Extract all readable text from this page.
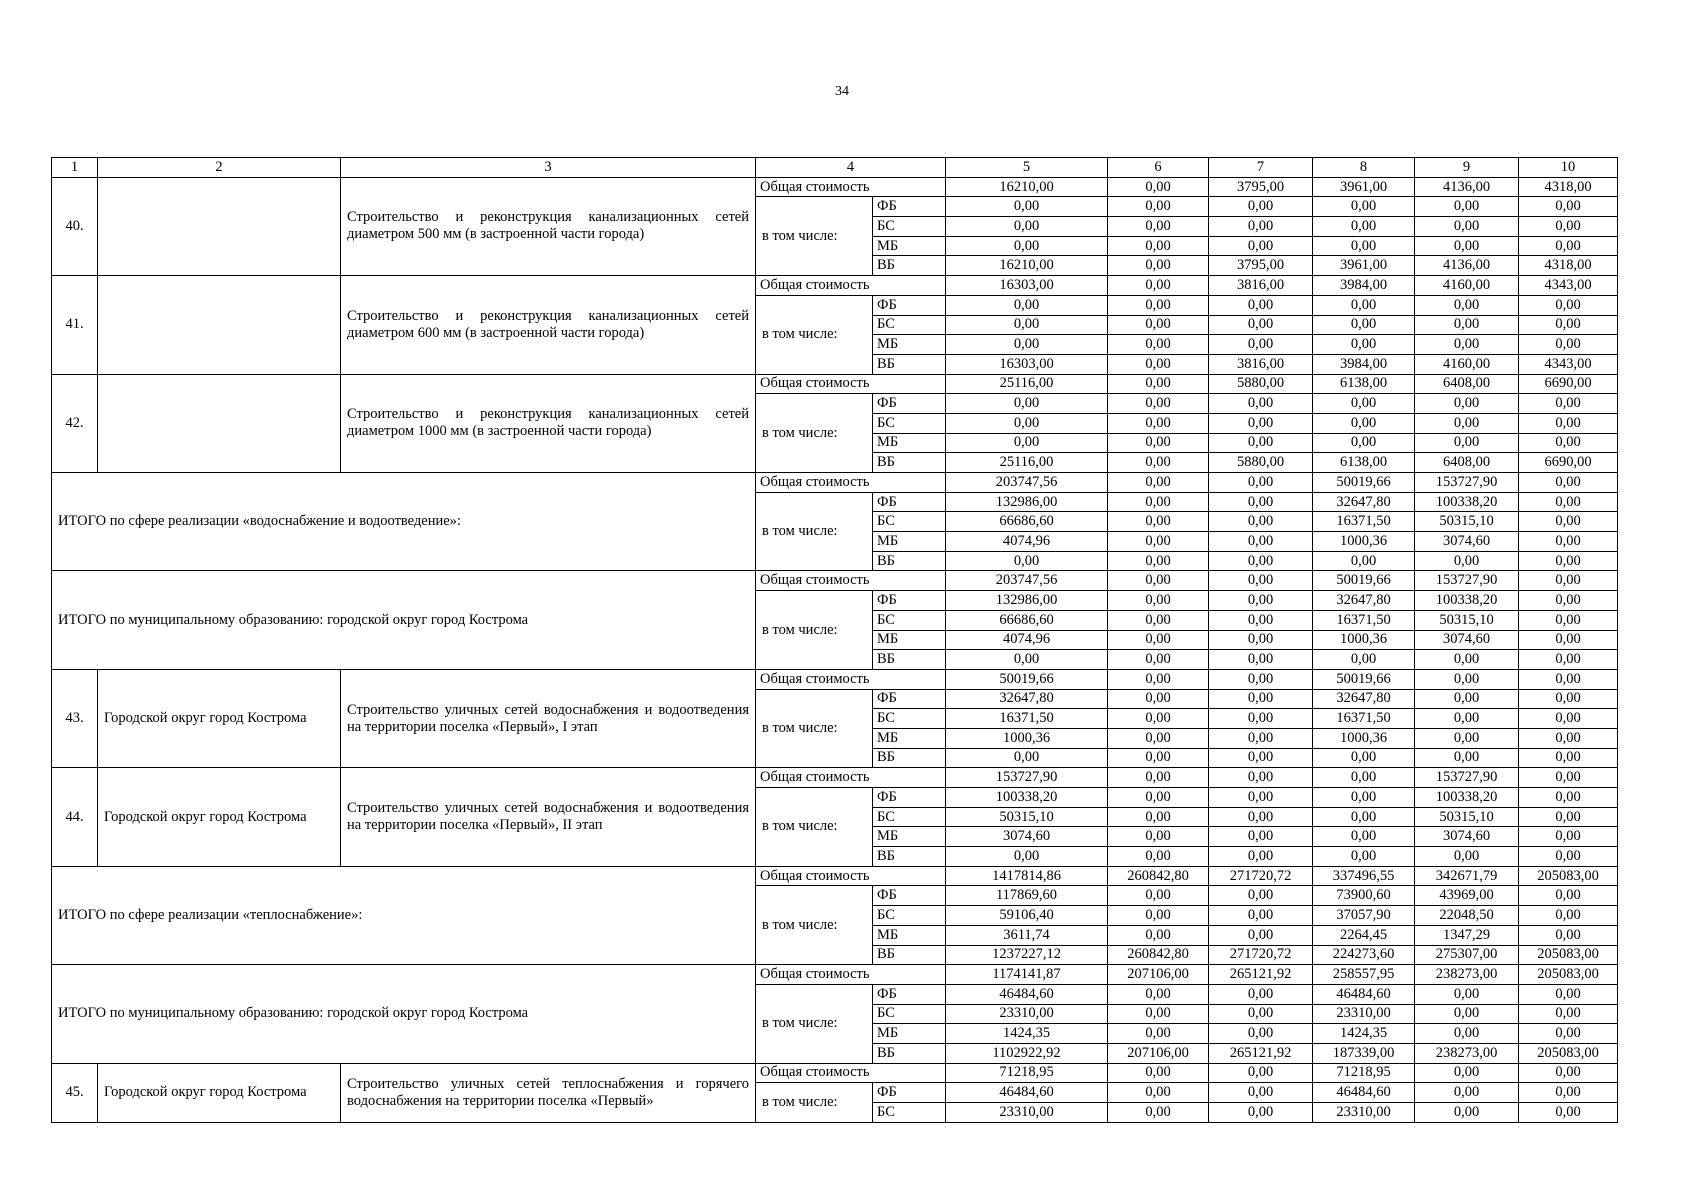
34
1	2	3	4		5	6	7	8	9	10
40.		Строительство и реконструкция канализационных сетей диаметром 500 мм (в застроенной части города)	Общая стоимость		16210,00	0,00	3795,00	3961,00	4136,00	4318,00
			в том числе:	ФБ	0,00	0,00	0,00	0,00	0,00	0,00
				БС	0,00	0,00	0,00	0,00	0,00	0,00
				МБ	0,00	0,00	0,00	0,00	0,00	0,00
				ВБ	16210,00	0,00	3795,00	3961,00	4136,00	4318,00
41.		Строительство и реконструкция канализационных сетей диаметром 600 мм (в застроенной части города)	Общая стоимость		16303,00	0,00	3816,00	3984,00	4160,00	4343,00
			в том числе:	ФБ	0,00	0,00	0,00	0,00	0,00	0,00
				БС	0,00	0,00	0,00	0,00	0,00	0,00
				МБ	0,00	0,00	0,00	0,00	0,00	0,00
				ВБ	16303,00	0,00	3816,00	3984,00	4160,00	4343,00
42.		Строительство и реконструкция канализационных сетей диаметром 1000 мм (в застроенной части города)	Общая стоимость		25116,00	0,00	5880,00	6138,00	6408,00	6690,00
			в том числе:	ФБ	0,00	0,00	0,00	0,00	0,00	0,00
				БС	0,00	0,00	0,00	0,00	0,00	0,00
				МБ	0,00	0,00	0,00	0,00	0,00	0,00
				ВБ	25116,00	0,00	5880,00	6138,00	6408,00	6690,00
ИТОГО по сфере реализации «водоснабжение и водоотведение»:			Общая стоимость		203747,56	0,00	0,00	50019,66	153727,90	0,00
			в том числе:	ФБ	132986,00	0,00	0,00	32647,80	100338,20	0,00
				БС	66686,60	0,00	0,00	16371,50	50315,10	0,00
				МБ	4074,96	0,00	0,00	1000,36	3074,60	0,00
				ВБ	0,00	0,00	0,00	0,00	0,00	0,00
ИТОГО по муниципальному образованию: городской округ город Кострома			Общая стоимость		203747,56	0,00	0,00	50019,66	153727,90	0,00
			в том числе:	ФБ	132986,00	0,00	0,00	32647,80	100338,20	0,00
				БС	66686,60	0,00	0,00	16371,50	50315,10	0,00
				МБ	4074,96	0,00	0,00	1000,36	3074,60	0,00
				ВБ	0,00	0,00	0,00	0,00	0,00	0,00
43.	Городской округ город Кострома	Строительство уличных сетей водоснабжения и водоотведения на территории поселка «Первый», I этап	Общая стоимость		50019,66	0,00	0,00	50019,66	0,00	0,00
			в том числе:	ФБ	32647,80	0,00	0,00	32647,80	0,00	0,00
				БС	16371,50	0,00	0,00	16371,50	0,00	0,00
				МБ	1000,36	0,00	0,00	1000,36	0,00	0,00
				ВБ	0,00	0,00	0,00	0,00	0,00	0,00
44.	Городской округ город Кострома	Строительство уличных сетей водоснабжения и водоотведения на территории поселка «Первый», II этап	Общая стоимость		153727,90	0,00	0,00	0,00	153727,90	0,00
			в том числе:	ФБ	100338,20	0,00	0,00	0,00	100338,20	0,00
				БС	50315,10	0,00	0,00	0,00	50315,10	0,00
				МБ	3074,60	0,00	0,00	0,00	3074,60	0,00
				ВБ	0,00	0,00	0,00	0,00	0,00	0,00
ИТОГО по сфере реализации «теплоснабжение»:			Общая стоимость		1417814,86	260842,80	271720,72	337496,55	342671,79	205083,00
			в том числе:	ФБ	117869,60	0,00	0,00	73900,60	43969,00	0,00
				БС	59106,40	0,00	0,00	37057,90	22048,50	0,00
				МБ	3611,74	0,00	0,00	2264,45	1347,29	0,00
				ВБ	1237227,12	260842,80	271720,72	224273,60	275307,00	205083,00
ИТОГО по муниципальному образованию: городской округ город Кострома			Общая стоимость		1174141,87	207106,00	265121,92	258557,95	238273,00	205083,00
			в том числе:	ФБ	46484,60	0,00	0,00	46484,60	0,00	0,00
				БС	23310,00	0,00	0,00	23310,00	0,00	0,00
				МБ	1424,35	0,00	0,00	1424,35	0,00	0,00
				ВБ	1102922,92	207106,00	265121,92	187339,00	238273,00	205083,00
45.	Городской округ город Кострома	Строительство уличных сетей теплоснабжения и горячего водоснабжения на территории поселка «Первый»	Общая стоимость		71218,95	0,00	0,00	71218,95	0,00	0,00
			в том числе:	ФБ	46484,60	0,00	0,00	46484,60	0,00	0,00
				БС	23310,00	0,00	0,00	23310,00	0,00	0,00
